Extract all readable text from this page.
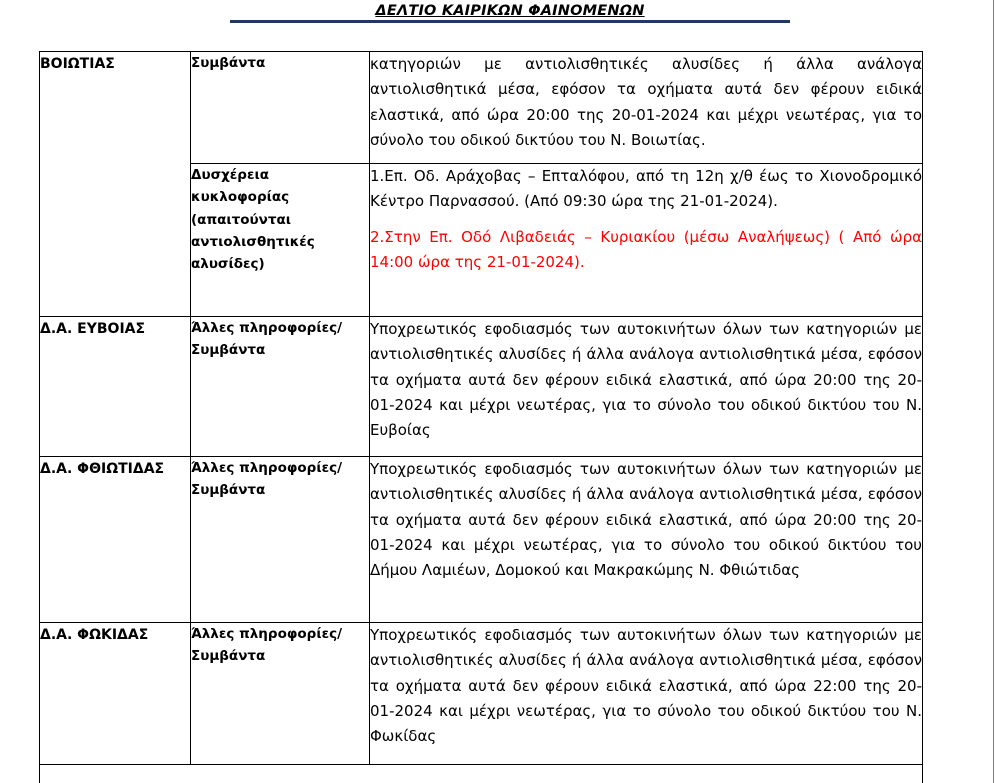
ΔΕΛΤΙΟ ΚΑΙΡΙΚΩΝ ΦΑΙΝΟΜΕΝΩΝ
ΒΟΙΩΤΙΑΣ	Συμβάντα	κατηγοριών με αντιολισθητικές αλυσίδες ή άλλα ανάλογα αντιολισθητικά μέσα, εφόσον τα οχήματα αυτά δεν φέρουν ειδικά ελαστικά, από ώρα 20:00 της 20-01-2024 και μέχρι νεωτέρας, για το σύνολο του οδικού δικτύου του Ν. Βοιωτίας.

	Δυσχέρεια κυκλοφορίας (απαιτούνται αντιολισθητικές αλυσίδες)	1.Επ. Οδ. Αράχοβας – Επταλόφου, από τη 12η χ/θ έως το Χιονοδρομικό Κέντρο Παρνασσού. (Από 09:30 ώρα της 21-01-2024).

2.Στην Επ. Οδό Λιβαδειάς – Κυριακίου (μέσω Αναλήψεως) ( Από ώρα 14:00 ώρα της 21-01-2024).

Δ.Α. ΕΥΒΟΙΑΣ	Άλλες πληροφορίες/ Συμβάντα	Υποχρεωτικός εφοδιασμός των αυτοκινήτων όλων των κατηγοριών με αντιολισθητικές αλυσίδες ή άλλα ανάλογα αντιολισθητικά μέσα, εφόσον τα οχήματα αυτά δεν φέρουν ειδικά ελαστικά, από ώρα 20:00 της 20-01-2024 και μέχρι νεωτέρας, για το σύνολο του οδικού δικτύου του Ν. Ευβοίας

Δ.Α. ΦΘΙΩΤΙΔΑΣ	Άλλες πληροφορίες/ Συμβάντα	Υποχρεωτικός εφοδιασμός των αυτοκινήτων όλων των κατηγοριών με αντιολισθητικές αλυσίδες ή άλλα ανάλογα αντιολισθητικά μέσα, εφόσον τα οχήματα αυτά δεν φέρουν ειδικά ελαστικά, από ώρα 20:00 της 20-01-2024 και μέχρι νεωτέρας, για το σύνολο του οδικού δικτύου του Δήμου Λαμιέων, Δομοκού και Μακρακώμης Ν. Φθιώτιδας

Δ.Α. ΦΩΚΙΔΑΣ	Άλλες πληροφορίες/ Συμβάντα	Υποχρεωτικός εφοδιασμός των αυτοκινήτων όλων των κατηγοριών με αντιολισθητικές αλυσίδες ή άλλα ανάλογα αντιολισθητικά μέσα, εφόσον τα οχήματα αυτά δεν φέρουν ειδικά ελαστικά, από ώρα 22:00 της 20-01-2024 και μέχρι νεωτέρας, για το σύνολο του οδικού δικτύου του Ν. Φωκίδας
